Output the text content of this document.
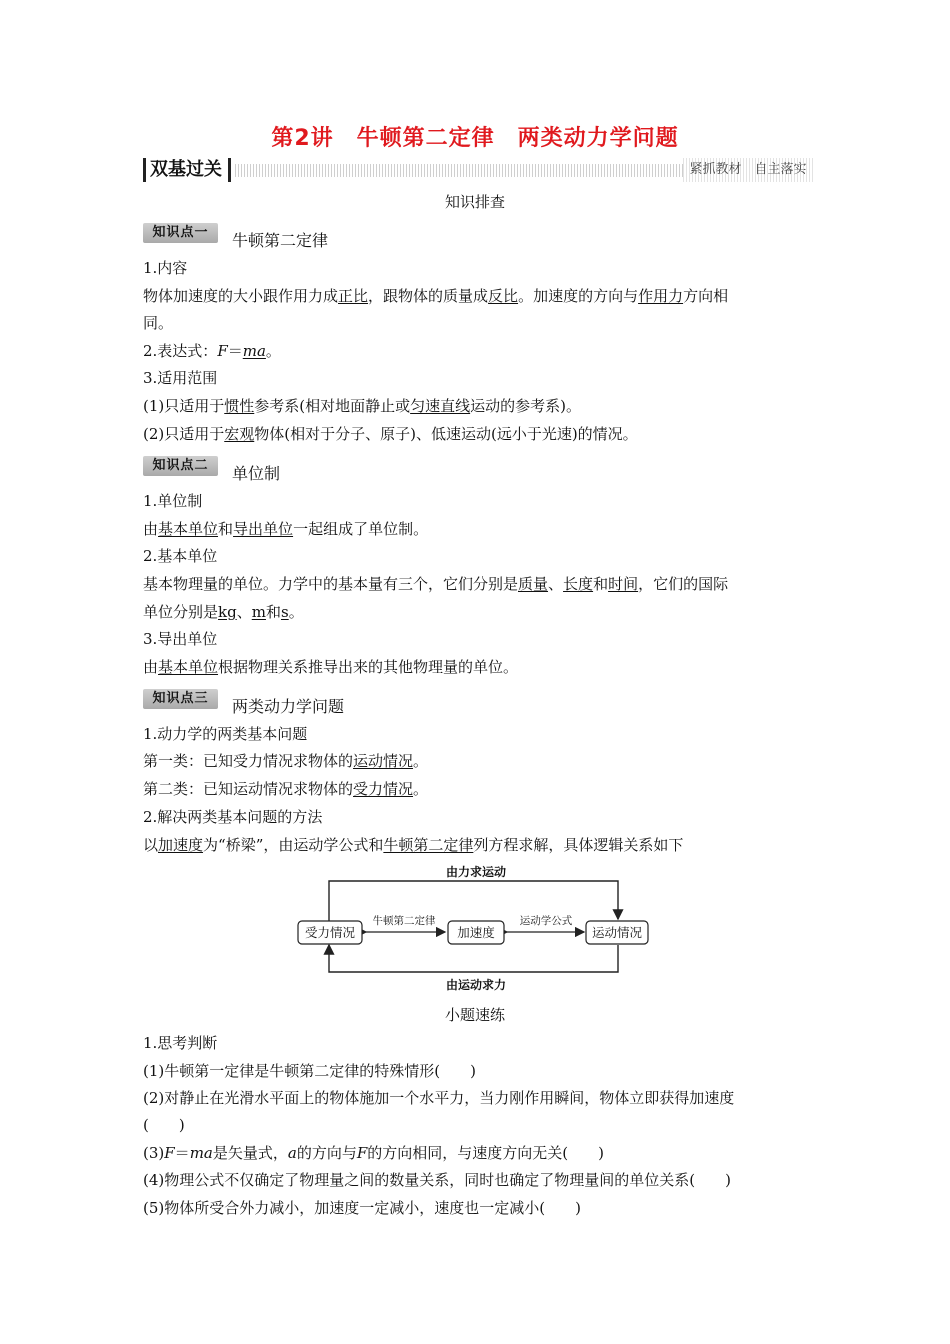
第2讲　牛顿第二定律　两类动力学问题
双基过关	紧抓教材　自主落实
知识排查
知识点一	牛顿第二定律
1.内容
物体加速度的大小跟作用力成正比，跟物体的质量成反比。加速度的方向与作用力方向相
同。
2.表达式：F＝ma。
3.适用范围
(1)只适用于惯性参考系(相对地面静止或匀速直线运动的参考系)。
(2)只适用于宏观物体(相对于分子、原子)、低速运动(远小于光速)的情况。
知识点二	单位制
1.单位制
由基本单位和导出单位一起组成了单位制。
2.基本单位
基本物理量的单位。力学中的基本量有三个，它们分别是质量、长度和时间，它们的国际
单位分别是kg、m和s。
3.导出单位
由基本单位根据物理关系推导出来的其他物理量的单位。
知识点三	两类动力学问题
1.动力学的两类基本问题
第一类：已知受力情况求物体的运动情况。
第二类：已知运动情况求物体的受力情况。
2.解决两类基本问题的方法
以加速度为“桥梁”，由运动学公式和牛顿第二定律列方程求解，具体逻辑关系如下
受力情况	加速度	运动情况
牛顿第二定律	运动学公式
由力求运动
由运动求力
小题速练
1.思考判断
(1)牛顿第一定律是牛顿第二定律的特殊情形(　　)
(2)对静止在光滑水平面上的物体施加一个水平力，当力刚作用瞬间，物体立即获得加速度
(　　)
(3)F＝ma是矢量式，a的方向与F的方向相同，与速度方向无关(　　)
(4)物理公式不仅确定了物理量之间的数量关系，同时也确定了物理量间的单位关系(　　)
(5)物体所受合外力减小，加速度一定减小，速度也一定减小(　　)
